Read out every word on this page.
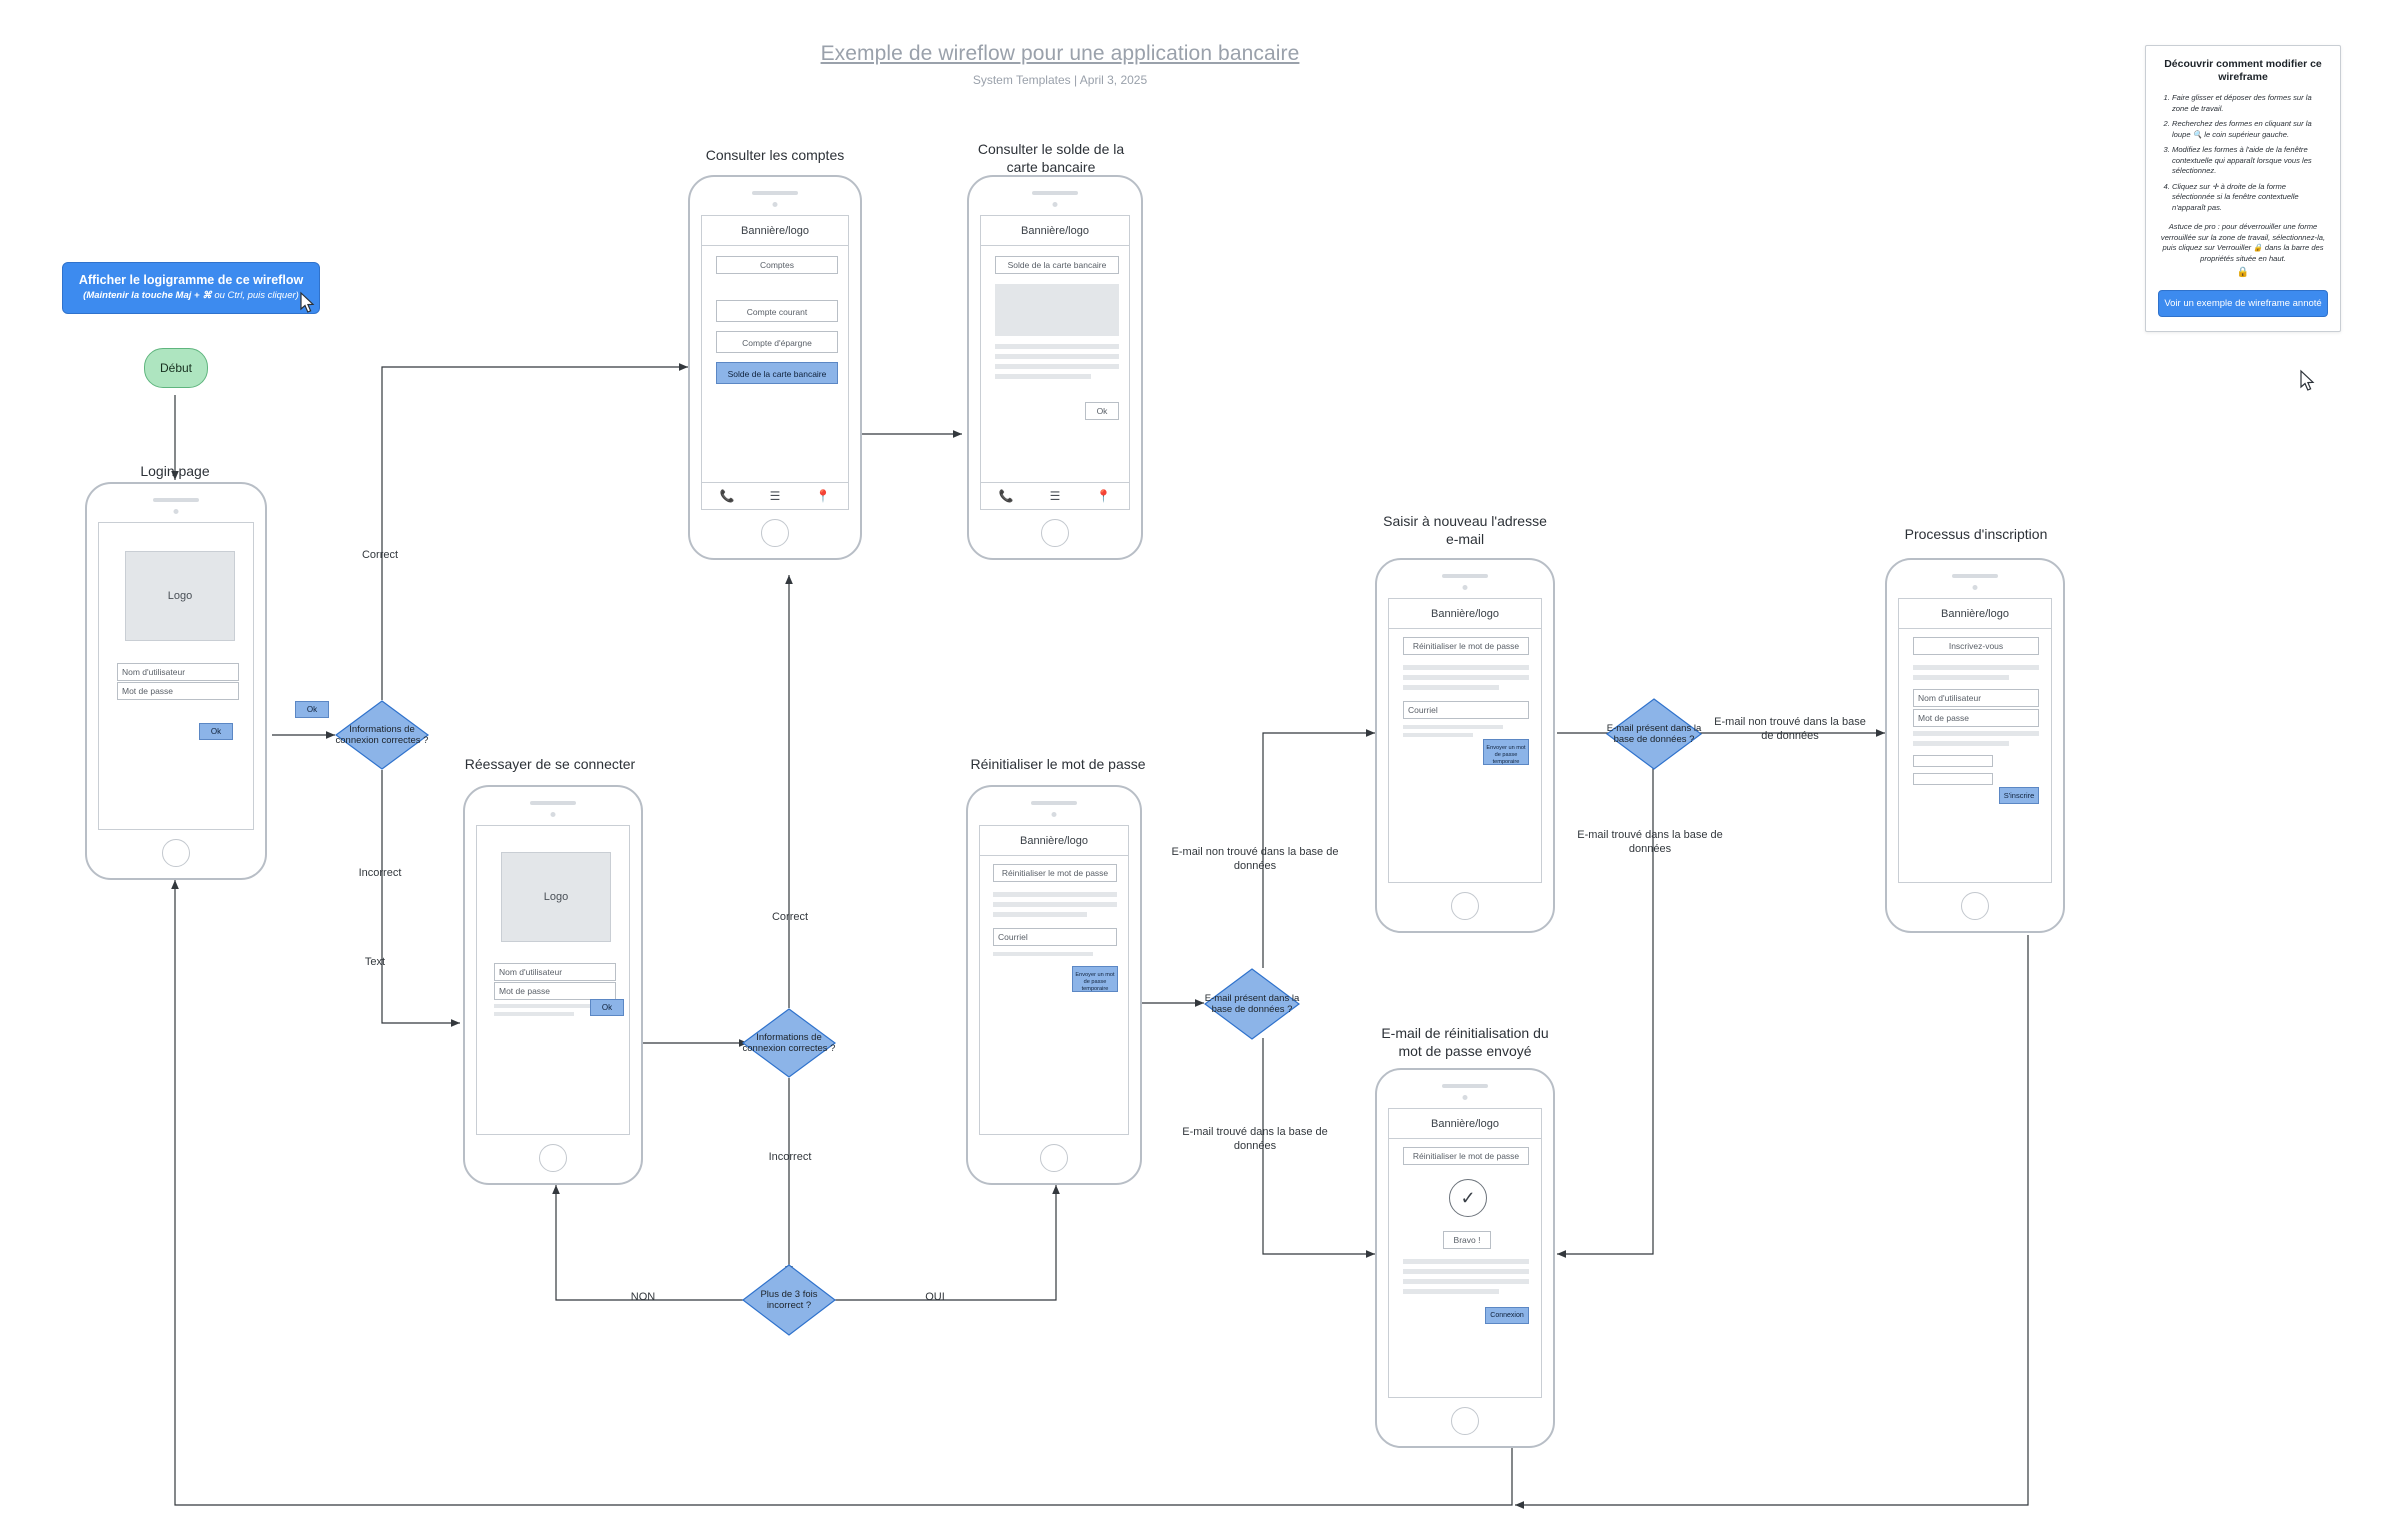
Exemple de wireflow pour une application bancaire
System Templates | April 3, 2025
Afficher le logigramme de ce wireflow
(Maintenir la touche Maj + ⌘ ou Ctrl, puis cliquer)
Découvrir comment modifier ce wireframe
1. Faire glisser et déposer des formes sur la zone de travail.
2. Recherchez des formes en cliquant sur la loupe 🔍 le coin supérieur gauche.
3. Modifiez les formes à l'aide de la fenêtre contextuelle qui apparaît lorsque vous les sélectionnez.
4. Cliquez sur ✛ à droite de la forme sélectionnée si la fenêtre contextuelle n'apparaît pas.
Astuce de pro : pour déverrouiller une forme verrouillée sur la zone de travail, sélectionnez-la, puis cliquez sur Verrouiller 🔒 dans la barre des propriétés située en haut.
🔒
Voir un exemple de wireframe annoté
Début
Login page
Logo
Nom d'utilisateur
Mot de passe
Ok
Ok	Informations de connexion correctes ?
Correct
Incorrect
Text
Réessayer de se connecter
Logo
Nom d'utilisateur
Mot de passe
Ok
Informations de connexion correctes ?
Correct
Incorrect
Plus de 3 fois incorrect ?
NON	OUI
Consulter les comptes
Bannière/logo
Comptes
Compte courant
Compte d'épargne
Solde de la carte bancaire
📞	☰	📍
Consulter le solde de la carte bancaire
Bannière/logo
Solde de la carte bancaire
Ok
📞	☰	📍
Réinitialiser le mot de passe
Bannière/logo
Réinitialiser le mot de passe
Courriel
Envoyer un mot de passe temporaire
E-mail présent dans la base de données ?
E-mail non trouvé dans la base de données
E-mail trouvé dans la base de données
Saisir à nouveau l'adresse e-mail
Bannière/logo
Réinitialiser le mot de passe
Courriel
Envoyer un mot de passe temporaire
E-mail présent dans la base de données ?
E-mail non trouvé dans la base de données
E-mail trouvé dans la base de données
E-mail de réinitialisation du mot de passe envoyé
Bannière/logo
Réinitialiser le mot de passe
✓
Bravo !
Connexion
Processus d'inscription
Bannière/logo
Inscrivez-vous
Nom d'utilisateur
Mot de passe
S'inscrire
